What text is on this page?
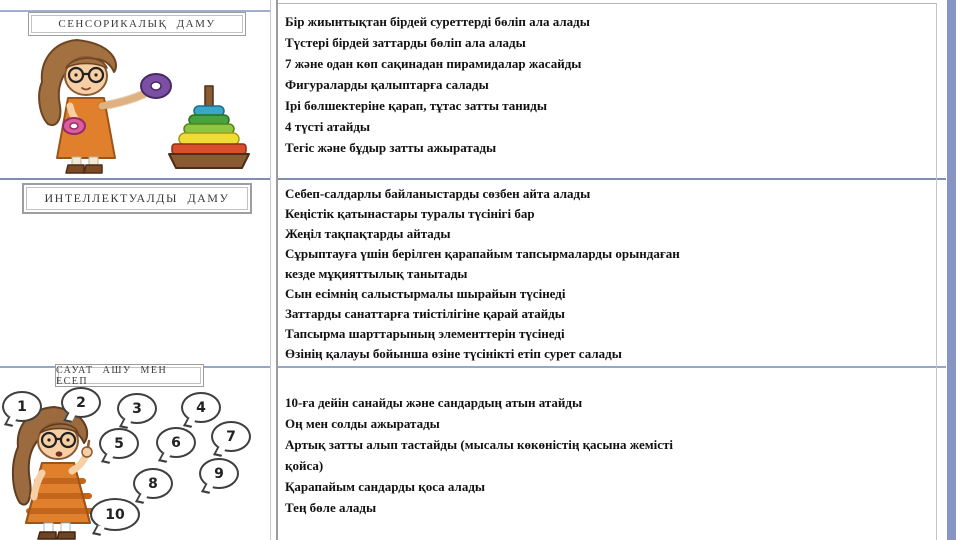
СЕНСОРИКАЛЫҚ ДАМУ
ИНТЕЛЛЕКТУАЛДЫ ДАМУ
САУАТ АШУ МЕН ЕСЕП
1	2	3	4
5	6	7
8
9
10

Бір жиынтықтан бірдей суреттерді бөліп ала алады

Түстері бірдей заттарды бөліп ала алады

7 және одан көп сақинадан пирамидалар жасайды

Фигураларды қалыптарға салады

Ірі бөлшектеріне қарап, тұтас затты таниды

4 түсті атайды

Тегіс және бұдыр затты ажыратады

Себеп-салдарлы байланыстарды сөзбен айта алады

Кеңістік қатынастары туралы түсінігі бар

Жеңіл тақпақтарды айтады

Сұрыптауға үшін берілген қарапайым тапсырмаларды орындаған кезде мұқияттылық танытады

Сын есімнің салыстырмалы шырайын түсінеді

Заттарды санаттарға тиістілігіне қарай атайды

Тапсырма шарттарының элементтерін түсінеді

Өзінің қалауы бойынша өзіне түсінікті етіп сурет салады

10-ға дейін санайды және сандардың атын атайды

Оң мен солды ажыратады

Артық затты алып тастайды (мысалы көкөністің қасына жемісті қойса)

Қарапайым сандарды қоса алады

Тең бөле алады
